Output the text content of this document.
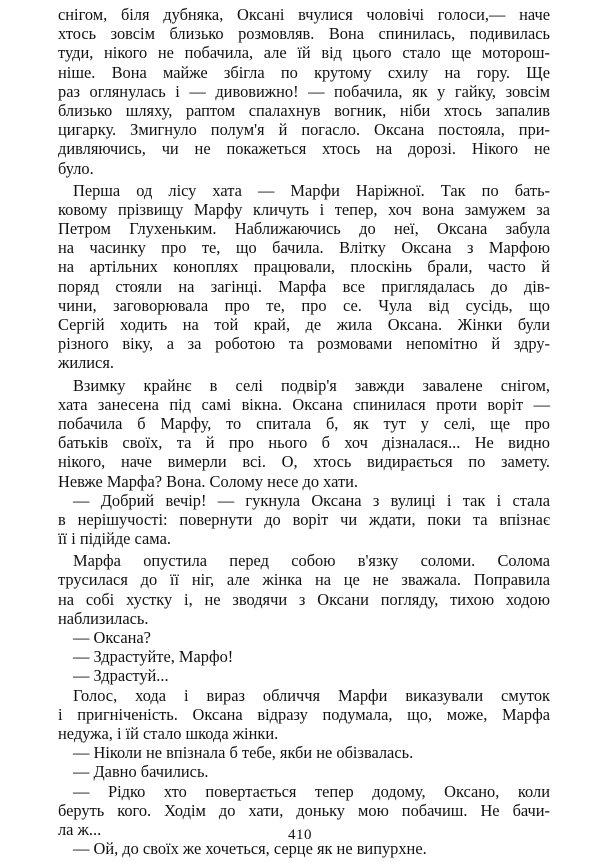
снігом, біля дубняка, Оксані вчулися чоловічі голоси,— наче
хтось зовсім близько розмовляв. Вона спинилась, подивилась
туди, нікого не побачила, але їй від цього стало ще моторош-
ніше. Вона майже збігла по крутому схилу на гору. Ще
раз оглянулась і — дивовижно! — побачила, як у гайку, зовсім
близько шляху, раптом спалахнув вогник, ніби хтось запалив
цигарку. Змигнуло полум'я й погасло. Оксана постояла, при-
дивляючись, чи не покажеться хтось на дорозі. Нікого не
було.
Перша од лісу хата — Марфи Наріжної. Так по бать-
ковому прізвищу Марфу кличуть і тепер, хоч вона замужем за
Петром Глухеньким. Наближаючись до неї, Оксана забула
на часинку про те, що бачила. Влітку Оксана з Марфою
на артільних коноплях працювали, плоскінь брали, часто й
поряд стояли на загінці. Марфа все приглядалась до дів-
чини, заговорювала про те, про се. Чула від сусідь, що
Сергій ходить на той край, де жила Оксана. Жінки були
різного віку, а за роботою та розмовами непомітно й здру-
жилися.
Взимку крайнє в селі подвір'я завжди завалене снігом,
хата занесена під самі вікна. Оксана спинилася проти воріт —
побачила б Марфу, то спитала б, як тут у селі, ще про
батьків своїх, та й про нього б хоч дізналася... Не видно
нікого, наче вимерли всі. О, хтось видирається по замету.
Невже Марфа? Вона. Солому несе до хати.
— Добрий вечір! — гукнула Оксана з вулиці і так і стала
в нерішучості: повернути до воріт чи ждати, поки та впізнає
її і підійде сама.
Марфа опустила перед собою в'язку соломи. Солома
трусилася до її ніг, але жінка на це не зважала. Поправила
на собі хустку і, не зводячи з Оксани погляду, тихою ходою
наблизилась.
— Оксана?
— Здрастуйте, Марфо!
— Здрастуй...
Голос, хода і вираз обличчя Марфи виказували смуток
і пригніченість. Оксана відразу подумала, що, може, Марфа
недужа, і їй стало шкода жінки.
— Ніколи не впізнала б тебе, якби не обізвалась.
— Давно бачились.
— Рідко хто повертається тепер додому, Оксано, коли
беруть кого. Ходім до хати, доньку мою побачиш. Не бачи-
ла ж...
— Ой, до своїх же хочеться, серце як не випурхне.
410
